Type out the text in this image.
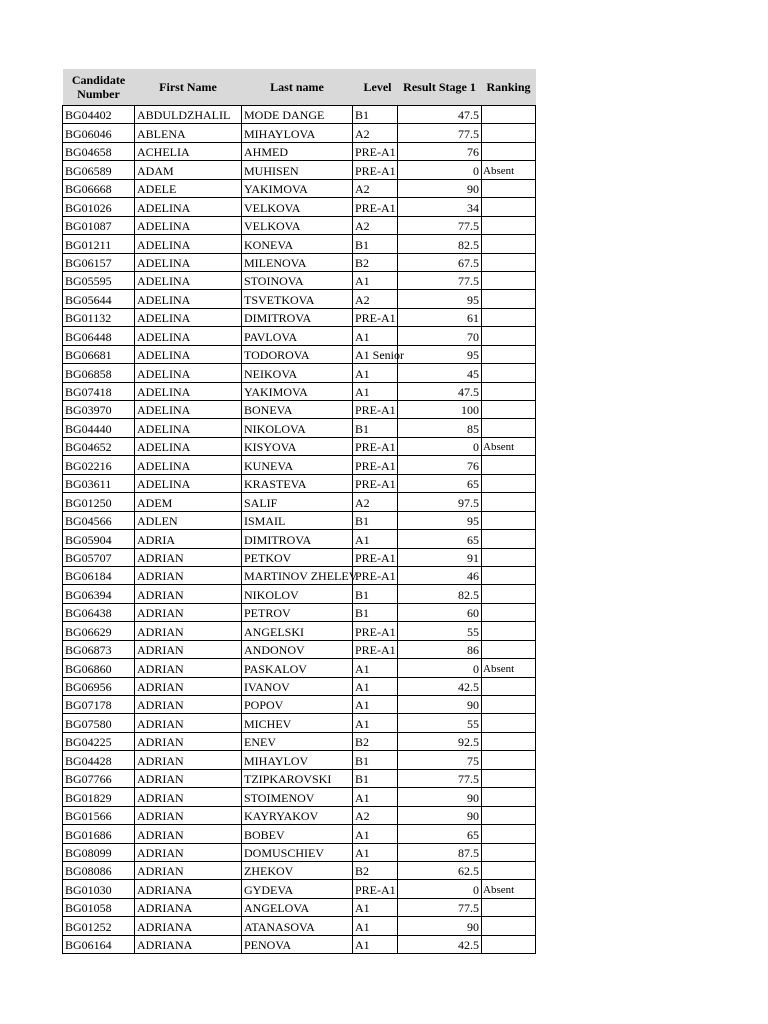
Candidate
Number	First Name	Last name	Level	Result Stage 1	Ranking
BG04402	ABDULDZHALIL	MODE DANGE	B1	47.5	
BG06046	ABLENA	MIHAYLOVA	A2	77.5	
BG04658	ACHELIA	AHMED	PRE-A1	76	
BG06589	ADAM	MUHISEN	PRE-A1	0	Absent
BG06668	ADELE	YAKIMOVA	A2	90	
BG01026	ADELINA	VELKOVA	PRE-A1	34	
BG01087	ADELINA	VELKOVA	A2	77.5	
BG01211	ADELINA	KONEVA	B1	82.5	
BG06157	ADELINA	MILENOVA	B2	67.5	
BG05595	ADELINA	STOINOVA	A1	77.5	
BG05644	ADELINA	TSVETKOVA	A2	95	
BG01132	ADELINA	DIMITROVA	PRE-A1	61	
BG06448	ADELINA	PAVLOVA	A1	70	
BG06681	ADELINA	TODOROVA	A1 Senior	95	
BG06858	ADELINA	NEIKOVA	A1	45	
BG07418	ADELINA	YAKIMOVA	A1	47.5	
BG03970	ADELINA	BONEVA	PRE-A1	100	
BG04440	ADELINA	NIKOLOVA	B1	85	
BG04652	ADELINA	KISYOVA	PRE-A1	0	Absent
BG02216	ADELINA	KUNEVA	PRE-A1	76	
BG03611	ADELINA	KRASTEVA	PRE-A1	65	
BG01250	ADEM	SALIF	A2	97.5	
BG04566	ADLEN	ISMAIL	B1	95	
BG05904	ADRIA	DIMITROVA	A1	65	
BG05707	ADRIAN	PETKOV	PRE-A1	91	
BG06184	ADRIAN	MARTINOV ZHELEV	PRE-A1	46	
BG06394	ADRIAN	NIKOLOV	B1	82.5	
BG06438	ADRIAN	PETROV	B1	60	
BG06629	ADRIAN	ANGELSKI	PRE-A1	55	
BG06873	ADRIAN	ANDONOV	PRE-A1	86	
BG06860	ADRIAN	PASKALOV	A1	0	Absent
BG06956	ADRIAN	IVANOV	A1	42.5	
BG07178	ADRIAN	POPOV	A1	90	
BG07580	ADRIAN	MICHEV	A1	55	
BG04225	ADRIAN	ENEV	B2	92.5	
BG04428	ADRIAN	MIHAYLOV	B1	75	
BG07766	ADRIAN	TZIPKAROVSKI	B1	77.5	
BG01829	ADRIAN	STOIMENOV	A1	90	
BG01566	ADRIAN	KAYRYAKOV	A2	90	
BG01686	ADRIAN	BOBEV	A1	65	
BG08099	ADRIAN	DOMUSCHIEV	A1	87.5	
BG08086	ADRIAN	ZHEKOV	B2	62.5	
BG01030	ADRIANA	GYDEVA	PRE-A1	0	Absent
BG01058	ADRIANA	ANGELOVA	A1	77.5	
BG01252	ADRIANA	ATANASOVA	A1	90	
BG06164	ADRIANA	PENOVA	A1	42.5	
